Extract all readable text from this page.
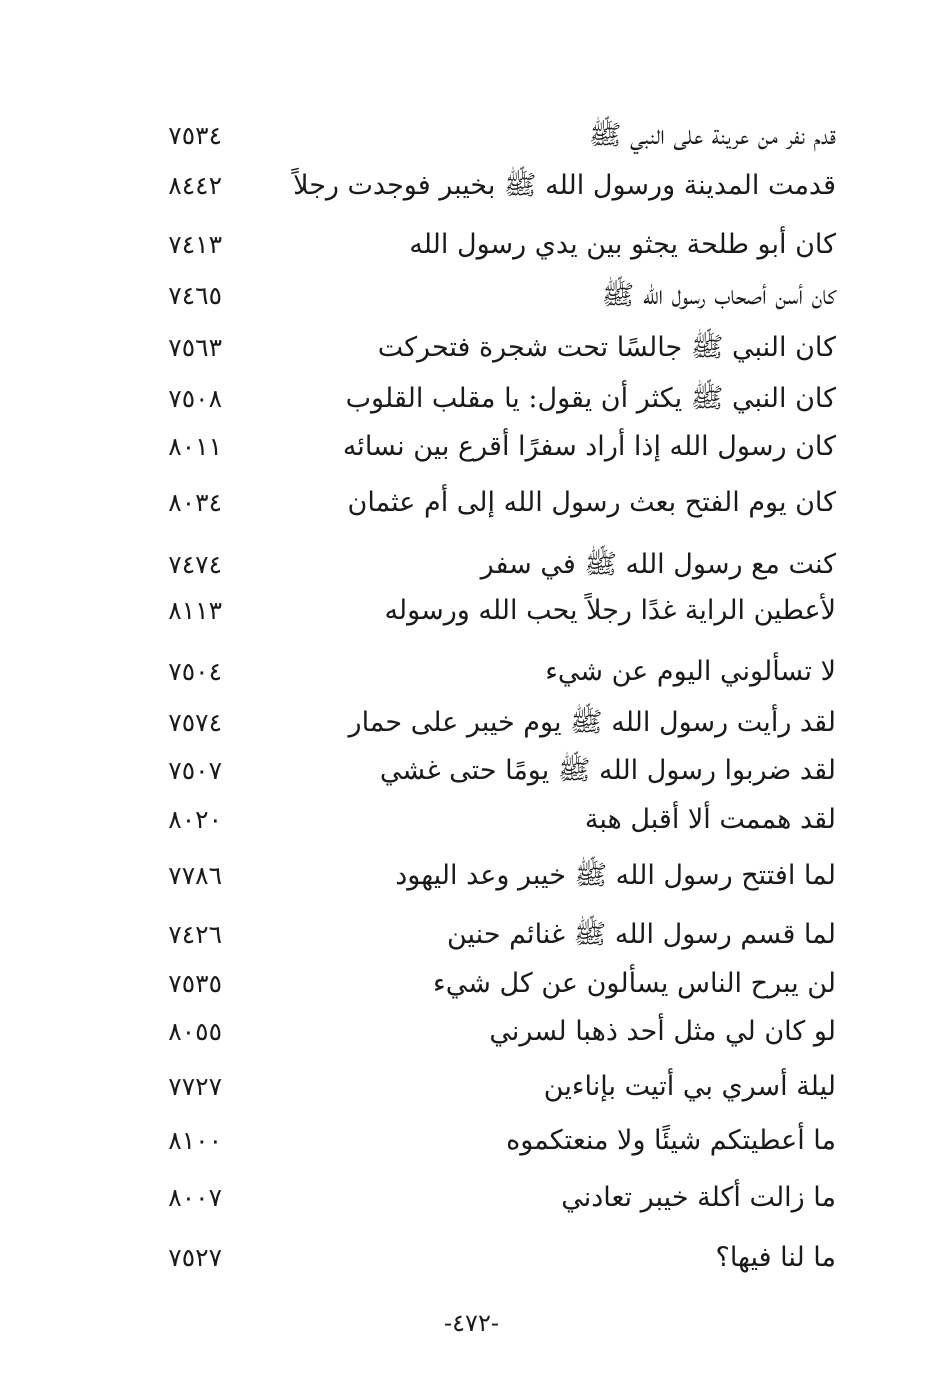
قدم نفر من عرينة على النبي ﷺ
٧٥٣٤
قدمت المدينة ورسول الله ﷺ بخيبر فوجدت رجلاً
٨٤٤٢
كان أبو طلحة يجثو بين يدي رسول الله
٧٤١٣
كان أسن أصحاب رسول الله ﷺ
٧٤٦٥
كان النبي ﷺ جالسًا تحت شجرة فتحركت
٧٥٦٣
كان النبي ﷺ يكثر أن يقول: يا مقلب القلوب
٧٥٠٨
كان رسول الله إذا أراد سفرًا أقرع بين نسائه
٨٠١١
كان يوم الفتح بعث رسول الله إلى أم عثمان
٨٠٣٤
كنت مع رسول الله ﷺ في سفر
٧٤٧٤
لأعطين الراية غدًا رجلاً يحب الله ورسوله
٨١١٣
لا تسألوني اليوم عن شيء
٧٥٠٤
لقد رأيت رسول الله ﷺ يوم خيبر على حمار
٧٥٧٤
لقد ضربوا رسول الله ﷺ يومًا حتى غشي
٧٥٠٧
لقد هممت ألا أقبل هبة
٨٠٢٠
لما افتتح رسول الله ﷺ خيبر وعد اليهود
٧٧٨٦
لما قسم رسول الله ﷺ غنائم حنين
٧٤٢٦
لن يبرح الناس يسألون عن كل شيء
٧٥٣٥
لو كان لي مثل أحد ذهبا لسرني
٨٠٥٥
ليلة أسري بي أتيت بإناءين
٧٧٢٧
ما أعطيتكم شيئًا ولا منعتكموه
٨١٠٠
ما زالت أكلة خيبر تعادني
٨٠٠٧
ما لنا فيها؟
٧٥٢٧
-٤٧٢-
